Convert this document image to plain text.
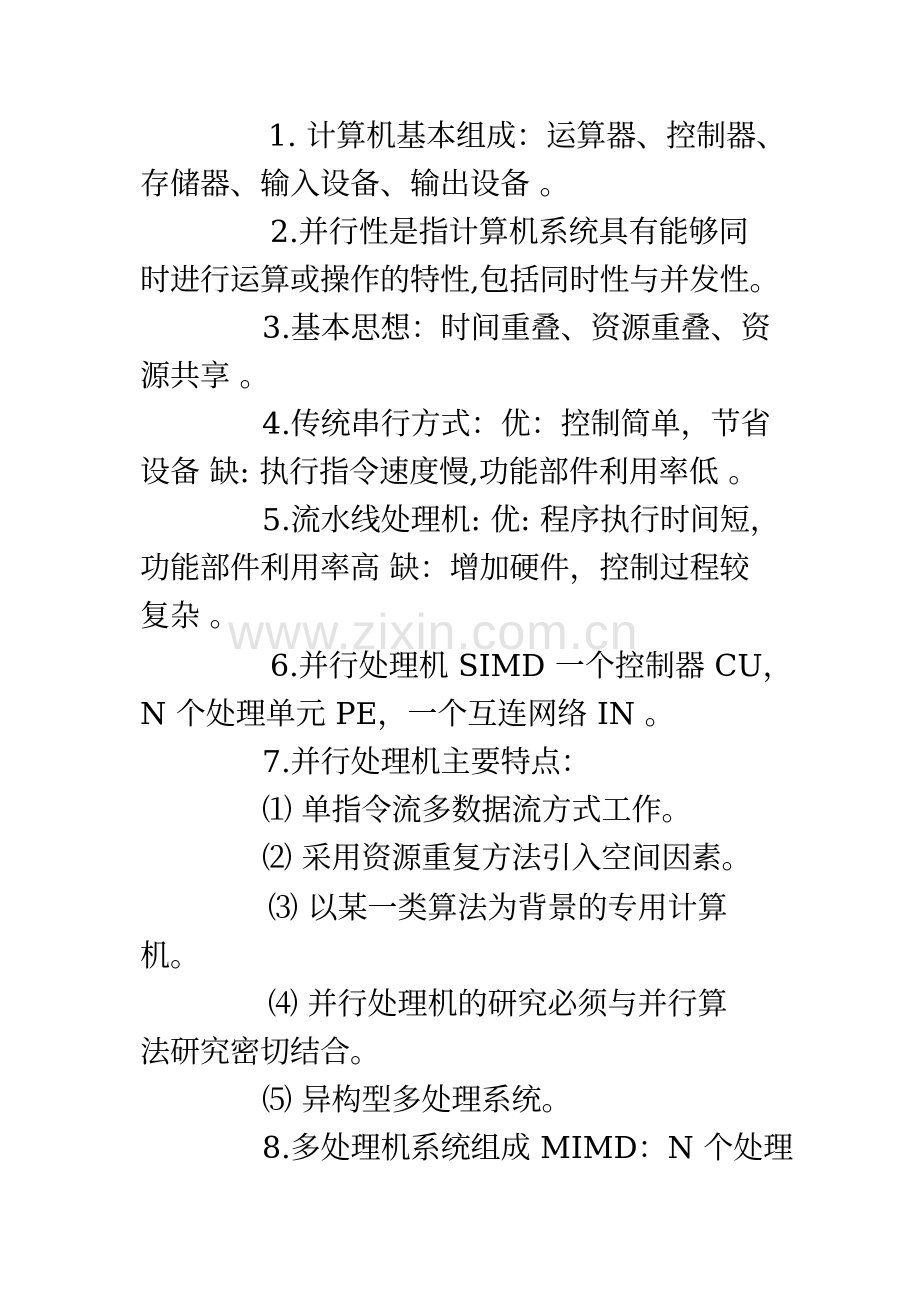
www.zixin.com.cn
1. 计算机基本组成：运算器、控制器、
存储器、输入设备、输出设备 。
2.并行性是指计算机系统具有能够同
时进行运算或操作的特性,包括同时性与并发性。
3.基本思想：时间重叠、资源重叠、资
源共享 。
4.传统串行方式：优：控制简单，节省
设备 缺: 执行指令速度慢,功能部件利用率低 。
5.流水线处理机: 优: 程序执行时间短，
功能部件利用率高 缺：增加硬件，控制过程较
复杂 。
6.并行处理机 SIMD 一个控制器 CU，
N 个处理单元 PE，一个互连网络 IN 。
7.并行处理机主要特点：
⑴ 单指令流多数据流方式工作。
⑵ 采用资源重复方法引入空间因素。
⑶ 以某一类算法为背景的专用计算
机。
⑷ 并行处理机的研究必须与并行算
法研究密切结合。
⑸ 异构型多处理系统。
8.多处理机系统组成 MIMD：N 个处理
